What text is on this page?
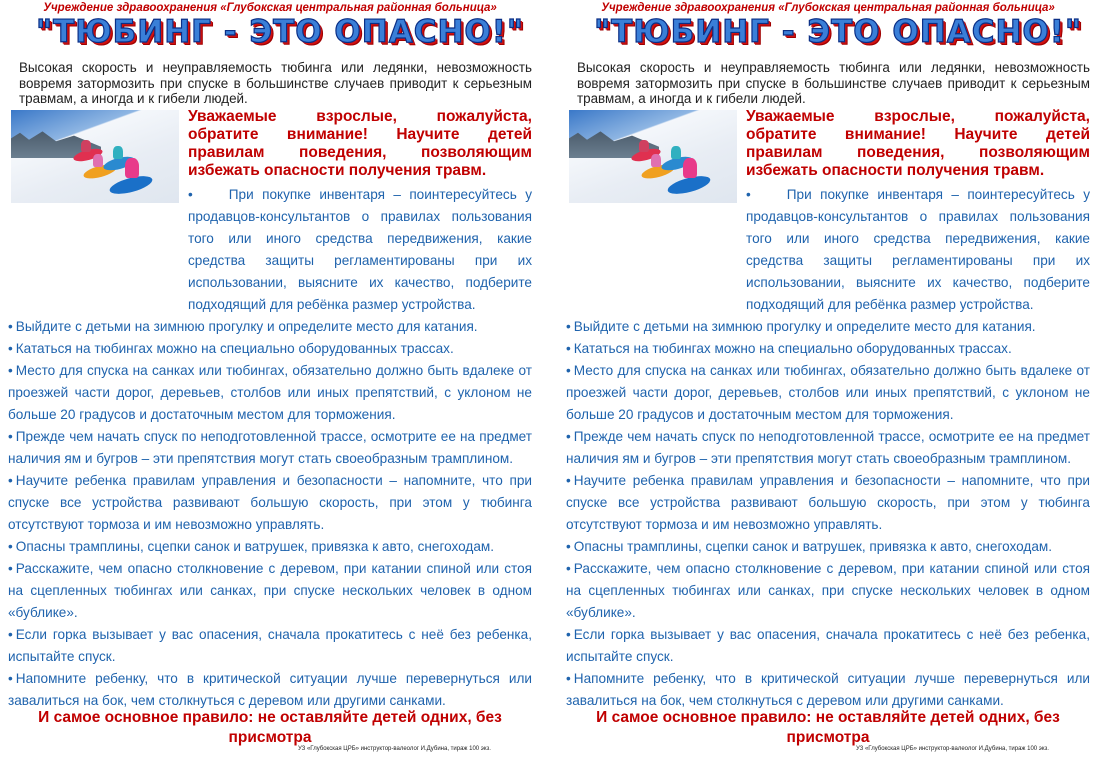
Учреждение здравоохранения «Глубокская центральная районная больница»
"ТЮБИНГ - ЭТО ОПАСНО!"
Высокая скорость и неуправляемость тюбинга или ледянки, невозможность вовремя затормозить при спуске в большинстве случаев приводит к серьезным травмам, а иногда и к гибели людей.
Уважаемые взрослые, пожалуйста, обратите внимание! Научите детей правилам поведения, позволяющим избежать опасности получения травм.

•	При покупке инвентаря – поинтересуйтесь у продавцов-консультантов о правилах пользования того или иного средства передвижения, какие средства защиты регламентированы при их использовании, выясните их качество, подберите подходящий для ребёнка размер устройства.

• Выйдите с детьми на зимнюю прогулку и определите место для катания.

• Кататься на тюбингах можно на специально оборудованных трассах.

• Место для спуска на санках или тюбингах, обязательно должно быть вдалеке от проезжей части дорог, деревьев, столбов или иных препятствий, с уклоном не больше 20 градусов и достаточным местом для торможения.

• Прежде чем начать спуск по неподготовленной трассе, осмотрите ее на предмет наличия ям и бугров – эти препятствия могут стать своеобразным трамплином.

• Научите ребенка правилам управления и безопасности – напомните, что при спуске все устройства развивают большую скорость, при этом у тюбинга отсутствуют тормоза и им невозможно управлять.

• Опасны трамплины, сцепки санок и ватрушек, привязка к авто, снегоходам.

• Расскажите, чем опасно столкновение с деревом, при катании спиной или стоя на сцепленных тюбингах или санках, при спуске нескольких человек в одном «бублике».

• Если горка вызывает у вас опасения, сначала прокатитесь с неё без ребенка, испытайте спуск.

• Напомните ребенку, что в критической ситуации лучше перевернуться или завалиться на бок, чем столкнуться с деревом или другими санками.

И самое основное правило: не оставляйте детей одних, без присмотра
УЗ «Глубокская ЦРБ» инструктор-валеолог И.Дубина, тираж 100 экз.
Учреждение здравоохранения «Глубокская центральная районная больница»
"ТЮБИНГ - ЭТО ОПАСНО!"
Высокая скорость и неуправляемость тюбинга или ледянки, невозможность вовремя затормозить при спуске в большинстве случаев приводит к серьезным травмам, а иногда и к гибели людей.
Уважаемые взрослые, пожалуйста, обратите внимание! Научите детей правилам поведения, позволяющим избежать опасности получения травм.

•	При покупке инвентаря – поинтересуйтесь у продавцов-консультантов о правилах пользования того или иного средства передвижения, какие средства защиты регламентированы при их использовании, выясните их качество, подберите подходящий для ребёнка размер устройства.

• Выйдите с детьми на зимнюю прогулку и определите место для катания.

• Кататься на тюбингах можно на специально оборудованных трассах.

• Место для спуска на санках или тюбингах, обязательно должно быть вдалеке от проезжей части дорог, деревьев, столбов или иных препятствий, с уклоном не больше 20 градусов и достаточным местом для торможения.

• Прежде чем начать спуск по неподготовленной трассе, осмотрите ее на предмет наличия ям и бугров – эти препятствия могут стать своеобразным трамплином.

• Научите ребенка правилам управления и безопасности – напомните, что при спуске все устройства развивают большую скорость, при этом у тюбинга отсутствуют тормоза и им невозможно управлять.

• Опасны трамплины, сцепки санок и ватрушек, привязка к авто, снегоходам.

• Расскажите, чем опасно столкновение с деревом, при катании спиной или стоя на сцепленных тюбингах или санках, при спуске нескольких человек в одном «бублике».

• Если горка вызывает у вас опасения, сначала прокатитесь с неё без ребенка, испытайте спуск.

• Напомните ребенку, что в критической ситуации лучше перевернуться или завалиться на бок, чем столкнуться с деревом или другими санками.

И самое основное правило: не оставляйте детей одних, без присмотра
УЗ «Глубокская ЦРБ» инструктор-валеолог И.Дубина, тираж 100 экз.
